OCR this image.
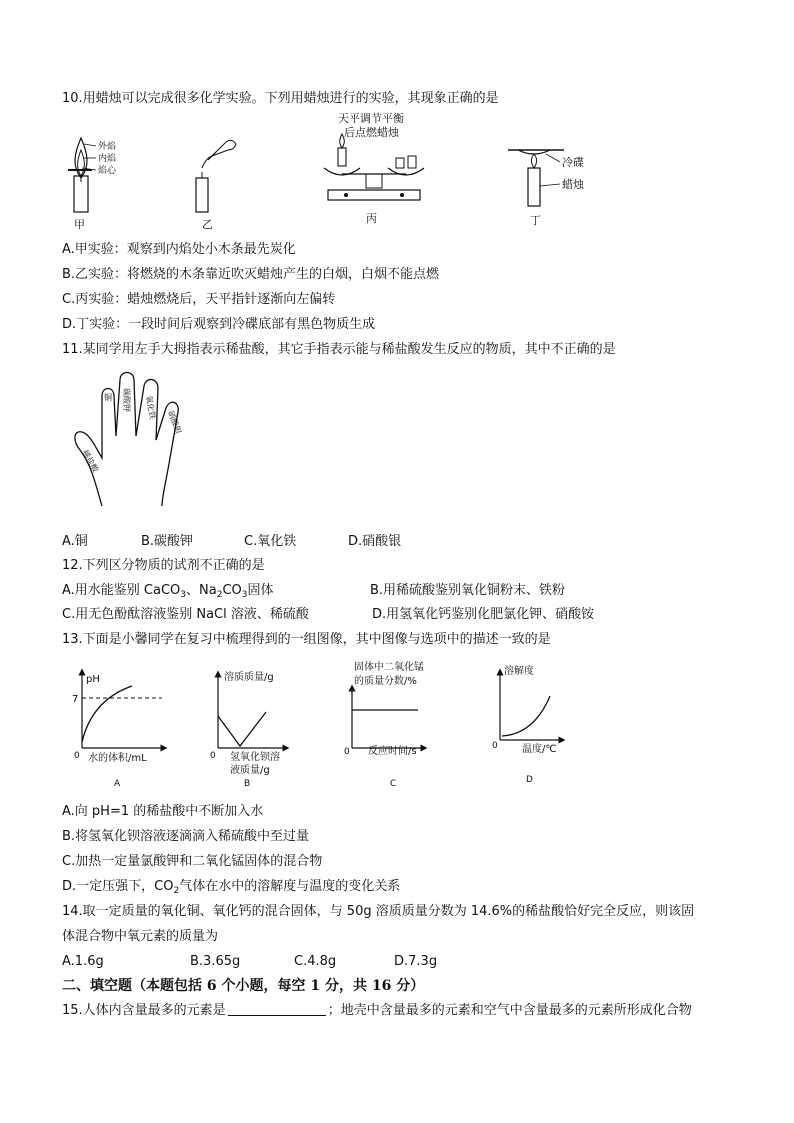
10.用蜡烛可以完成很多化学实验。下列用蜡烛进行的实验，其现象正确的是
外焰
内焰
焰心
甲	乙
天平调节平衡
后点燃蜡烛
丙
冷碟
蜡烛
丁
A.甲实验：观察到内焰处小木条最先炭化
B.乙实验：将燃烧的木条靠近吹灭蜡烛产生的白烟，白烟不能点燃
C.丙实验：蜡烛燃烧后，天平指针逐渐向左偏转
D.丁实验：一段时间后观察到冷碟底部有黑色物质生成
11.某同学用左手大拇指表示稀盐酸，其它手指表示能与稀盐酸发生反应的物质，其中不正确的是
稀盐酸
铜 碳酸钾 氧化铁
硝酸银
A.铜	B.碳酸钾	C.氧化铁	D.硝酸银
12.下列区分物质的试剂不正确的是
A.用水能鉴别 CaCO$_3$、$Na_2CO_3$固体	B.用稀硫酸鉴别氧化铜粉末、铁粉
C.用无色酚酞溶液鉴别 NaCl 溶液、稀硫酸	D.用氢氧化钙鉴别化肥氯化钾、硝酸铵
13.下面是小馨同学在复习中梳理得到的一组图像，其中图像与选项中的描述一致的是
pH
7
0 水的体积/mL
A
溶质质量/g
0 氢氧化钡溶
液质量/g
B
固体中二氧化锰
的质量分数/%
0 反应时间/s
C
溶解度
0 温度/℃
D
A.向 pH=1 的稀盐酸中不断加入水
B.将氢氧化钡溶液逐滴滴入稀硫酸中至过量
C.加热一定量氯酸钾和二氧化锰固体的混合物
D.一定压强下，$CO_2$气体在水中的溶解度与温度的变化关系
14.取一定质量的氧化铜、氧化钙的混合固体，与 50g 溶质质量分数为 14.6%的稀盐酸恰好完全反应，则该固
体混合物中氧元素的质量为
A.1.6g	B.3.65g	C.4.8g	D.7.3g
二、填空题（本题包括 6 个小题，每空 1 分，共 16 分）
15.人体内含量最多的元素是	；地壳中含量最多的元素和空气中含量最多的元素所形成化合物
